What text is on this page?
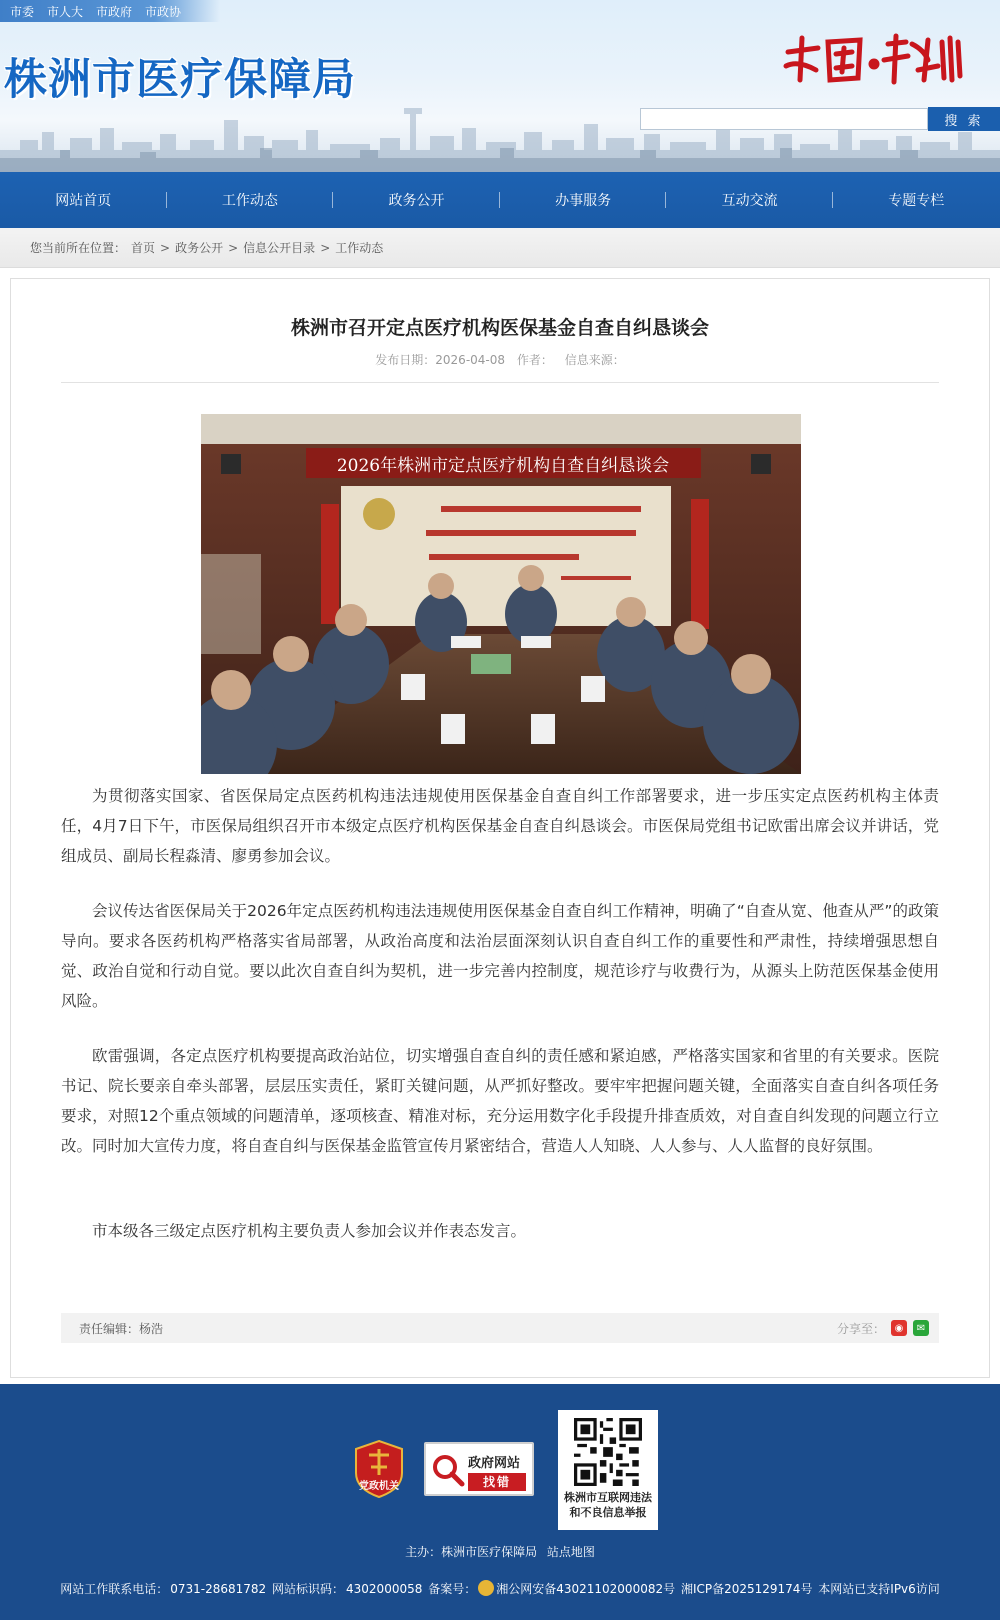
市委 市人大 市政府 市政协
株洲市医疗保障局
搜 索
网站首页	工作动态	政务公开	办事服务	互动交流	专题专栏
您当前所在位置： 首页 > 政务公开 > 信息公开目录 > 工作动态
株洲市召开定点医疗机构医保基金自查自纠恳谈会
发布日期：2026-04-08 作者： 信息来源：
2026年株洲市定点医疗机构自查自纠恳谈会

为贯彻落实国家、省医保局定点医药机构违法违规使用医保基金自查自纠工作部署要求，进一步压实定点医药机构主体责任，4月7日下午，市医保局组织召开市本级定点医疗机构医保基金自查自纠恳谈会。市医保局党组书记欧雷出席会议并讲话，党组成员、副局长程淼清、廖勇参加会议。

会议传达省医保局关于2026年定点医药机构违法违规使用医保基金自查自纠工作精神，明确了“自查从宽、他查从严”的政策导向。要求各医药机构严格落实省局部署，从政治高度和法治层面深刻认识自查自纠工作的重要性和严肃性，持续增强思想自觉、政治自觉和行动自觉。要以此次自查自纠为契机，进一步完善内控制度，规范诊疗与收费行为，从源头上防范医保基金使用风险。

欧雷强调，各定点医疗机构要提高政治站位，切实增强自查自纠的责任感和紧迫感，严格落实国家和省里的有关要求。医院书记、院长要亲自牵头部署，层层压实责任，紧盯关键问题，从严抓好整改。要牢牢把握问题关键，全面落实自查自纠各项任务要求，对照12个重点领域的问题清单，逐项核查、精准对标，充分运用数字化手段提升排查质效，对自查自纠发现的问题立行立改。同时加大宣传力度，将自查自纠与医保基金监管宣传月紧密结合，营造人人知晓、人人参与、人人监督的良好氛围。

市本级各三级定点医疗机构主要负责人参加会议并作表态发言。

责任编辑： 杨浩	分享至： ◉	✉
党政机关
政府网站
找错
株洲市互联网违法
和不良信息举报
主办：株洲市医疗保障局 站点地图
网站工作联系电话： 0731-28681782 网站标识码： 4302000058 备案号： 湘公网安备43021102000082号 湘ICP备2025129174号 本网站已支持IPv6访问
